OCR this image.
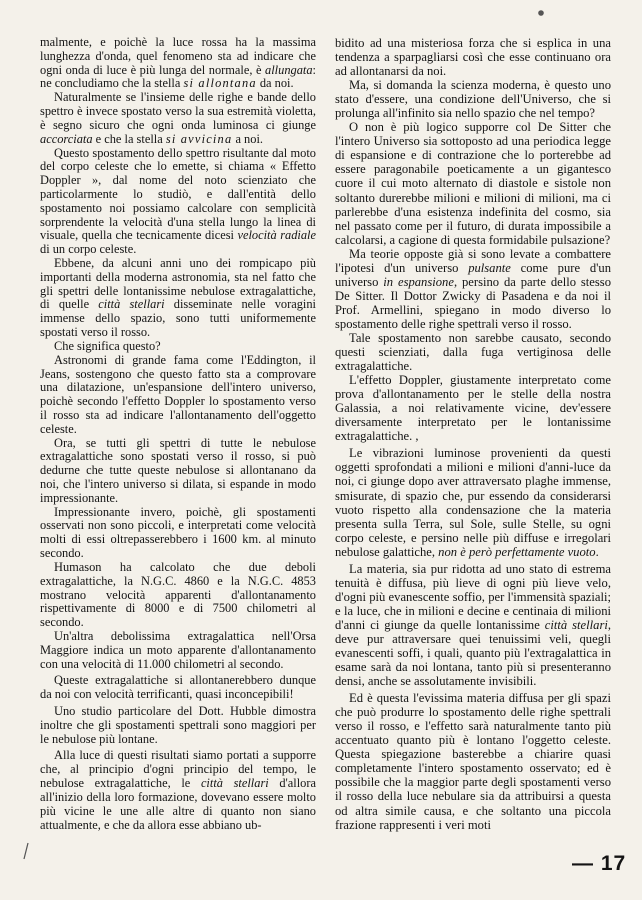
malmente, e poichè la luce rossa ha la massima lunghezza d'onda, quel fenomeno sta ad indicare che ogni onda di luce è più lunga del normale, è allungata: ne concludiamo che la stella si allontana da noi.

Naturalmente se l'insieme delle righe e bande dello spettro è invece spostato verso la sua estremità violetta, è segno sicuro che ogni onda luminosa ci giunge accorciata e che la stella si avvicina a noi.

Questo spostamento dello spettro risultante dal moto del corpo celeste che lo emette, si chiama « Effetto Doppler », dal nome del noto scienziato che particolarmente lo studiò, e dall'entità dello spostamento noi possiamo calcolare con semplicità sorprendente la velocità d'una stella lungo la linea di visuale, quella che tecnicamente dicesi velocità radiale di un corpo celeste.

Ebbene, da alcuni anni uno dei rompicapo più importanti della moderna astronomia, sta nel fatto che gli spettri delle lontanissime nebulose extragalattiche, di quelle città stellari disseminate nelle voragini immense dello spazio, sono tutti uniformemente spostati verso il rosso.

Che significa questo?

Astronomi di grande fama come l'Eddington, il Jeans, sostengono che questo fatto sta a comprovare una dilatazione, un'espansione dell'intero universo, poichè secondo l'effetto Doppler lo spostamento verso il rosso sta ad indicare l'allontanamento dell'oggetto celeste.

Ora, se tutti gli spettri di tutte le nebulose extragalattiche sono spostati verso il rosso, si può dedurne che tutte queste nebulose si allontanano da noi, che l'intero universo si dilata, si espande in modo impressionante.

Impressionante invero, poichè, gli spostamenti osservati non sono piccoli, e interpretati come velocità molti di essi oltrepasserebbero i 1600 km. al minuto secondo.

Humason ha calcolato che due deboli extragalattiche, la N.G.C. 4860 e la N.G.C. 4853 mostrano velocità apparenti d'allontanamento rispettivamente di 8000 e di 7500 chilometri al secondo.

Un'altra debolissima extragalattica nell'Orsa Maggiore indica un moto apparente d'allontanamento con una velocità di 11.000 chilometri al secondo.

Queste extragalattiche si allontanerebbero dunque da noi con velocità terrificanti, quasi inconcepibili!

Uno studio particolare del Dott. Hubble dimostra inoltre che gli spostamenti spettrali sono maggiori per le nebulose più lontane.

Alla luce di questi risultati siamo portati a supporre che, al principio d'ogni principio del tempo, le nebulose extragalattiche, le città stellari d'allora all'inizio della loro formazione, dovevano essere molto più vicine le une alle altre di quanto non siano attualmente, e che da allora esse abbiano ub-

bidito ad una misteriosa forza che si esplica in una tendenza a sparpagliarsi così che esse continuano ora ad allontanarsi da noi.

Ma, si domanda la scienza moderna, è questo uno stato d'essere, una condizione dell'Universo, che si prolunga all'infinito sia nello spazio che nel tempo?

O non è più logico supporre col De Sitter che l'intero Universo sia sottoposto ad una periodica legge di espansione e di contrazione che lo porterebbe ad essere paragonabile poeticamente a un gigantesco cuore il cui moto alternato di diastole e sistole non soltanto durerebbe milioni e milioni di milioni, ma ci parlerebbe d'una esistenza indefinita del cosmo, sia nel passato come per il futuro, di durata impossibile a calcolarsi, a cagione di questa formidabile pulsazione?

Ma teorie opposte già si sono levate a combattere l'ipotesi d'un universo pulsante come pure d'un universo in espansione, persino da parte dello stesso De Sitter. Il Dottor Zwicky di Pasadena e da noi il Prof. Armellini, spiegano in modo diverso lo spostamento delle righe spettrali verso il rosso.

Tale spostamento non sarebbe causato, secondo questi scienziati, dalla fuga vertiginosa delle extragalattiche.

L'effetto Doppler, giustamente interpretato come prova d'allontanamento per le stelle della nostra Galassia, a noi relativamente vicine, dev'essere diversamente interpretato per le lontanissime extragalattiche. ,

Le vibrazioni luminose provenienti da questi oggetti sprofondati a milioni e milioni d'anni-luce da noi, ci giunge dopo aver attraversato plaghe immense, smisurate, di spazio che, pur essendo da considerarsi vuoto rispetto alla condensazione che la materia presenta sulla Terra, sul Sole, sulle Stelle, su ogni corpo celeste, e persino nelle più diffuse e irregolari nebulose galattiche, non è però perfettamente vuoto.

La materia, sia pur ridotta ad uno stato di estrema tenuità è diffusa, più lieve di ogni più lieve velo, d'ogni più evanescente soffio, per l'immensità spaziali; e la luce, che in milioni e decine e centinaia di milioni d'anni ci giunge da quelle lontanissime città stellari, deve pur attraversare quei tenuissimi veli, quegli evanescenti soffi, i quali, quanto più l'extragalattica in esame sarà da noi lontana, tanto più si presenteranno densi, anche se assolutamente invisibili.

Ed è questa l'evissima materia diffusa per gli spazi che può produrre lo spostamento delle righe spettrali verso il rosso, e l'effetto sarà naturalmente tanto più accentuato quanto più è lontano l'oggetto celeste. Questa spiegazione basterebbe a chiarire quasi completamente l'intero spostamento osservato; ed è possibile che la maggior parte degli spostamenti verso il rosso della luce nebulare sia da attribuirsi a questa od altra simile causa, e che soltanto una piccola frazione rappresenti i veri moti

— 17
